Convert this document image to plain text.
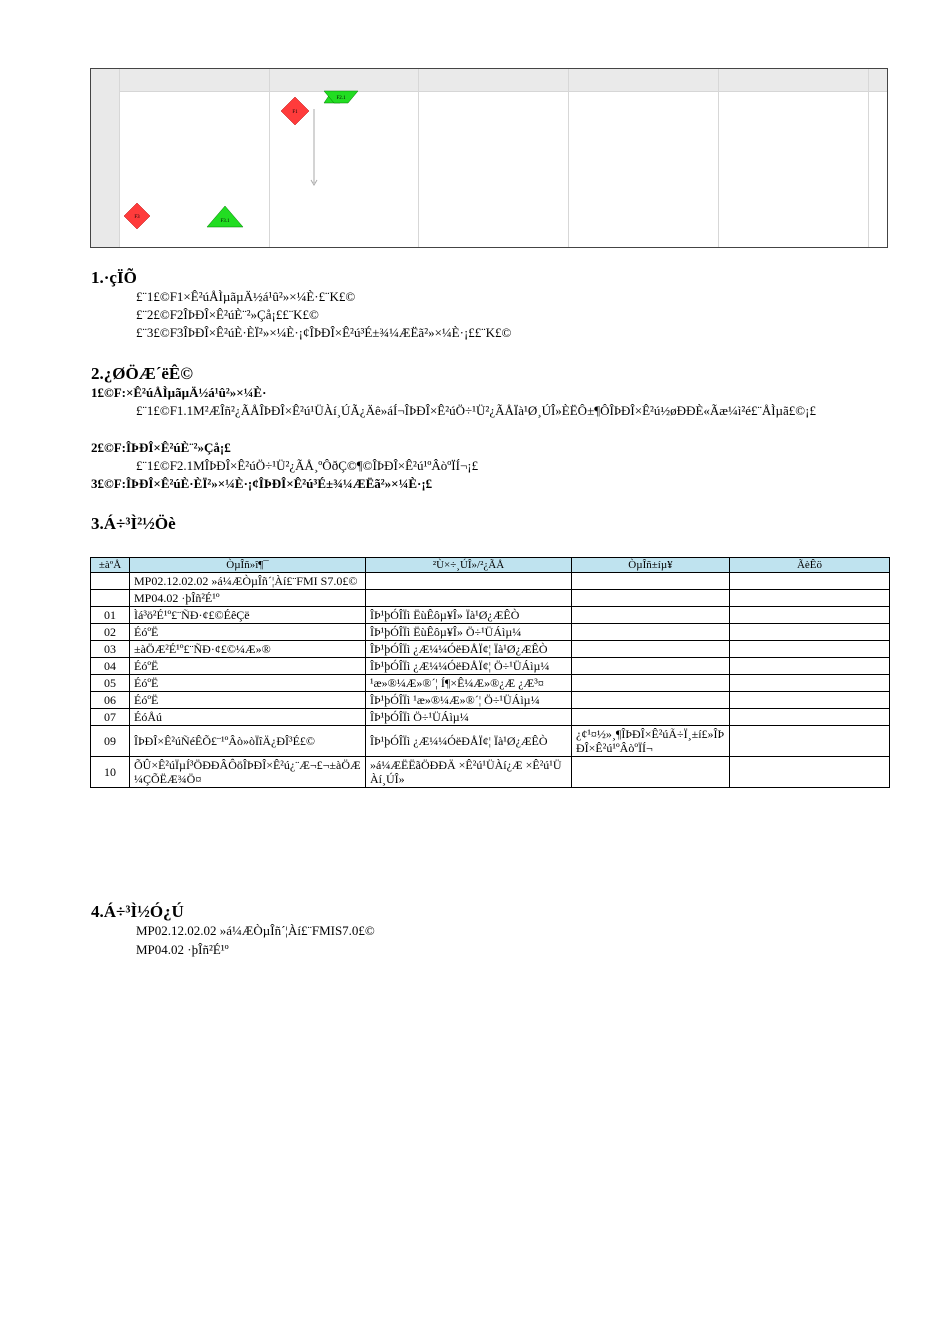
F1
F2.1
F3
F3.1
1.·çÏÕ
£¨1£©F1×Ê²úÅÌµãµÄ½á¹û²»×¼È·£¨K£©
£¨2£©F2ÎÞÐÎ×Ê²úÈ¨²»Çå¡££¨K£©
£¨3£©F3ÎÞÐÎ×Ê²úÈ·ÈÏ²»×¼È·¡¢ÎÞÐÎ×Ê²ú³É±¾¼ÆËã²»×¼È·¡££¨K£©
2.¿ØÖÆ´ëÊ©
1£©F:×Ê²úÅÌµãµÄ½á¹û²»×¼È·
£¨1£©F1.1M²ÆÎñ²¿ÃÅÎÞÐÎ×Ê²ú¹ÜÀí¸ÚÃ¿Äê»áÍ¬ÎÞÐÎ×Ê²úÖ÷¹Ü²¿ÃÅÏà¹Ø¸ÚÎ»ÈËÔ±¶ÔÎÞÐÎ×Ê²ú½øÐÐÈ«Ãæ¼ì²é£¨ÅÌµã£©¡£
2£©F:ÎÞÐÎ×Ê²úÈ¨²»Çå¡£
£¨1£©F2.1MÎÞÐÎ×Ê²úÖ÷¹Ü²¿ÃÅ¸ºÔðÇ©¶©ÎÞÐÎ×Ê²ú¹ºÂòºÏÍ¬¡£
3£©F:ÎÞÐÎ×Ê²úÈ·ÈÏ²»×¼È·¡¢ÎÞÐÎ×Ê²ú³É±¾¼ÆËã²»×¼È·¡£
3.Á÷³Ì²½Öè
±àºÅ	ÒµÎñ»î¶¯	²Ù×÷¸ÚÎ»/²¿ÃÅ	ÒµÎñ±íµ¥	ÃèÊö
	MP02.12.02.02 »á¼ÆÒµÎñ´¦Àí£¨FMI S7.0£©			
	MP04.02 ·þÎñ²É¹º			
01	Ìá³ö²É¹º£¨ÑÐ·¢£©ÉêÇë	ÎÞ¹þÓÎÏì ËùÊôµ¥Î» Ïà¹Ø¿ÆÊÒ		
02	ÉóºË	ÎÞ¹þÓÎÏì ËùÊôµ¥Î» Ö÷¹ÜÁìµ¼		
03	±àÖÆ²É¹º£¨ÑÐ·¢£©¼Æ»®	ÎÞ¹þÓÎÏì ¿Æ¼¼ÓëÐÅÏ¢¦ Ïà¹Ø¿ÆÊÒ		
04	ÉóºË	ÎÞ¹þÓÎÏì ¿Æ¼¼ÓëÐÅÏ¢¦ Ö÷¹ÜÁìµ¼		
05	ÉóºË	¹æ»®¼Æ»®´¦ Í¶×Ê¼Æ»®¿Æ ¿Æ³¤		
06	ÉóºË	ÎÞ¹þÓÎÏì ¹æ»®¼Æ»®´¦ Ö÷¹ÜÁìµ¼		
07	ÉóÅú	ÎÞ¹þÓÎÏì Ö÷¹ÜÁìµ¼		
09	ÎÞÐÎ×Ê²úÑéÊÕ£¨¹ºÂò»òÏîÄ¿ÐÎ³É£©	ÎÞ¹þÓÎÏì ¿Æ¼¼ÓëÐÅÏ¢¦ Ïà¹Ø¿ÆÊÒ	¿¢¹¤½»¸¶ÎÞÐÎ×Ê²úÃ÷Ï¸±í£»ÎÞÐÎ×Ê²ú¹ºÂòºÏÍ¬	
10	ÕÛ×Ê²úÏµÍ³ÖÐÐÂÔöÎÞÐÎ×Ê²ú¿¨Æ¬£¬±àÖÆ¼ÇÕËÆ¾Ö¤	»á¼ÆËËãÖÐÐÄ ×Ê²ú¹ÜÀí¿Æ ×Ê²ú¹ÜÀí¸ÚÎ»		
4.Á÷³Ì½Ó¿Ú
MP02.12.02.02 »á¼ÆÒµÎñ´¦Àí£¨FMIS7.0£©
MP04.02 ·þÎñ²É¹º
